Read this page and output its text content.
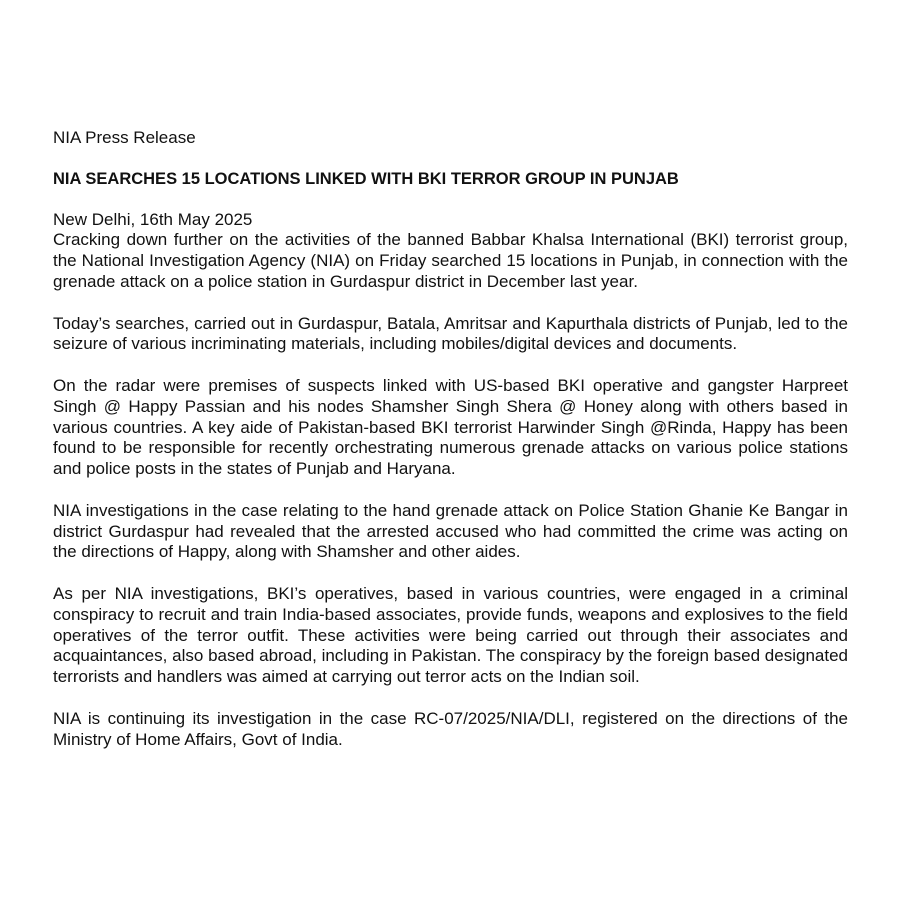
NIA Press Release

NIA SEARCHES 15 LOCATIONS LINKED WITH BKI TERROR GROUP IN PUNJAB

New Delhi, 16th May 2025

Cracking down further on the activities of the banned Babbar Khalsa International (BKI) terrorist group, the National Investigation Agency (NIA) on Friday searched 15 locations in Punjab, in connection with the grenade attack on a police station in Gurdaspur district in December last year.

Today’s searches, carried out in Gurdaspur, Batala, Amritsar and Kapurthala districts of Punjab, led to the seizure of various incriminating materials, including mobiles/digital devices and documents.

On the radar were premises of suspects linked with US-based BKI operative and gangster Harpreet Singh @ Happy Passian and his nodes Shamsher Singh Shera @ Honey along with others based in various countries. A key aide of Pakistan-based BKI terrorist Harwinder Singh @Rinda, Happy has been found to be responsible for recently orchestrating numerous grenade attacks on various police stations and police posts in the states of Punjab and Haryana.

NIA investigations in the case relating to the hand grenade attack on Police Station Ghanie Ke Bangar in district Gurdaspur had revealed that the arrested accused who had committed the crime was acting on the directions of Happy, along with Shamsher and other aides.

As per NIA investigations, BKI’s operatives, based in various countries, were engaged in a criminal conspiracy to recruit and train India-based associates, provide funds, weapons and explosives to the field operatives of the terror outfit. These activities were being carried out through their associates and acquaintances, also based abroad, including in Pakistan. The conspiracy by the foreign based designated terrorists and handlers was aimed at carrying out terror acts on the Indian soil.

NIA is continuing its investigation in the case RC-07/2025/NIA/DLI, registered on the directions of the Ministry of Home Affairs, Govt of India.
